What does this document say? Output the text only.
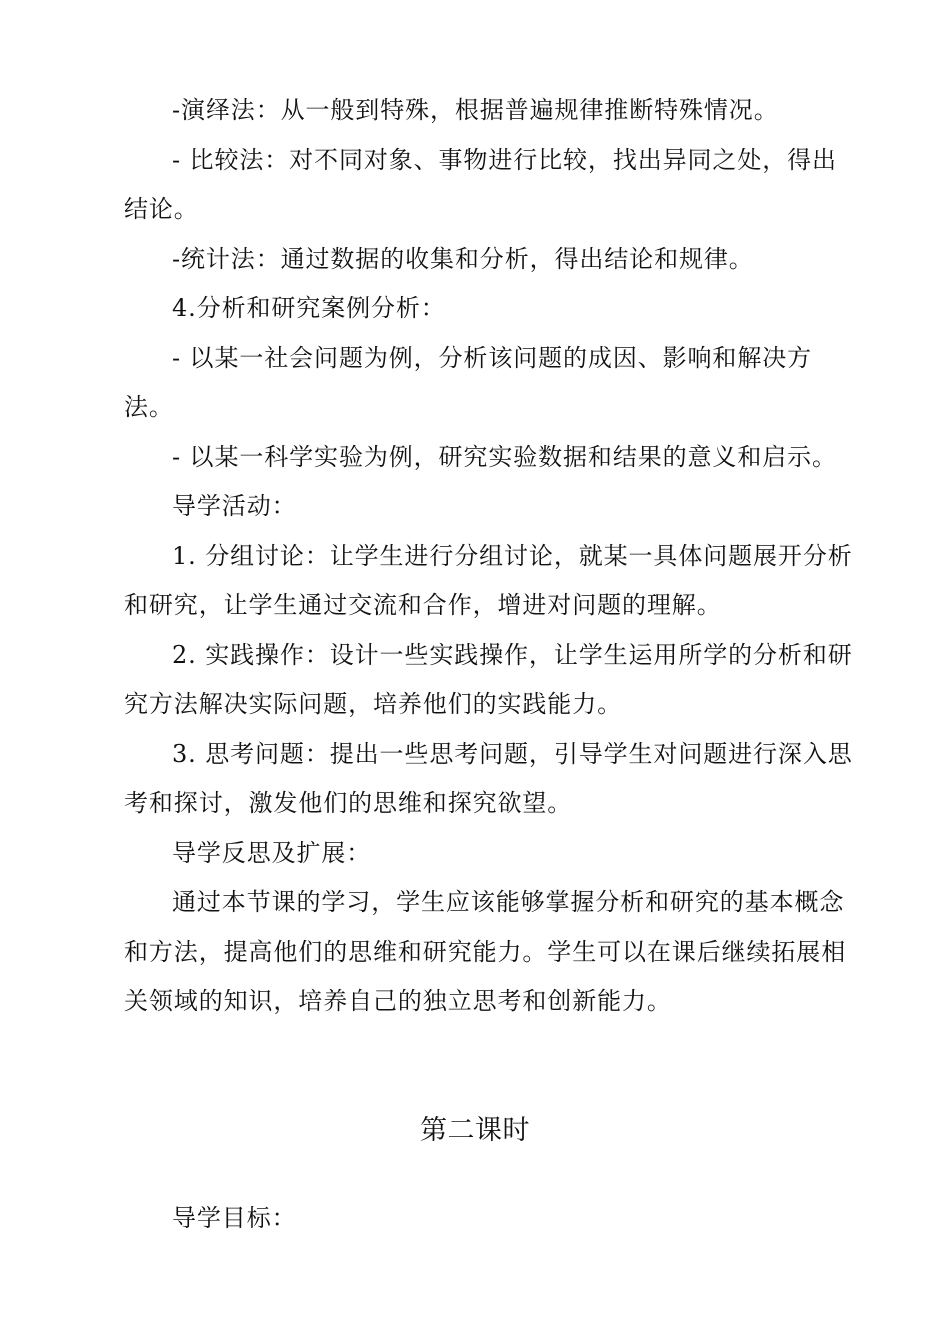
-演绎法：从一般到特殊，根据普遍规律推断特殊情况。

- 比较法：对不同对象、事物进行比较，找出异同之处，得出结论。

-统计法：通过数据的收集和分析，得出结论和规律。

4.分析和研究案例分析：

- 以某一社会问题为例，分析该问题的成因、影响和解决方法。

- 以某一科学实验为例，研究实验数据和结果的意义和启示。

导学活动：

1. 分组讨论：让学生进行分组讨论，就某一具体问题展开分析和研究，让学生通过交流和合作，增进对问题的理解。

2. 实践操作：设计一些实践操作，让学生运用所学的分析和研究方法解决实际问题，培养他们的实践能力。

3. 思考问题：提出一些思考问题，引导学生对问题进行深入思考和探讨，激发他们的思维和探究欲望。

导学反思及扩展：

通过本节课的学习，学生应该能够掌握分析和研究的基本概念和方法，提高他们的思维和研究能力。学生可以在课后继续拓展相关领域的知识，培养自己的独立思考和创新能力。

第二课时
导学目标：
